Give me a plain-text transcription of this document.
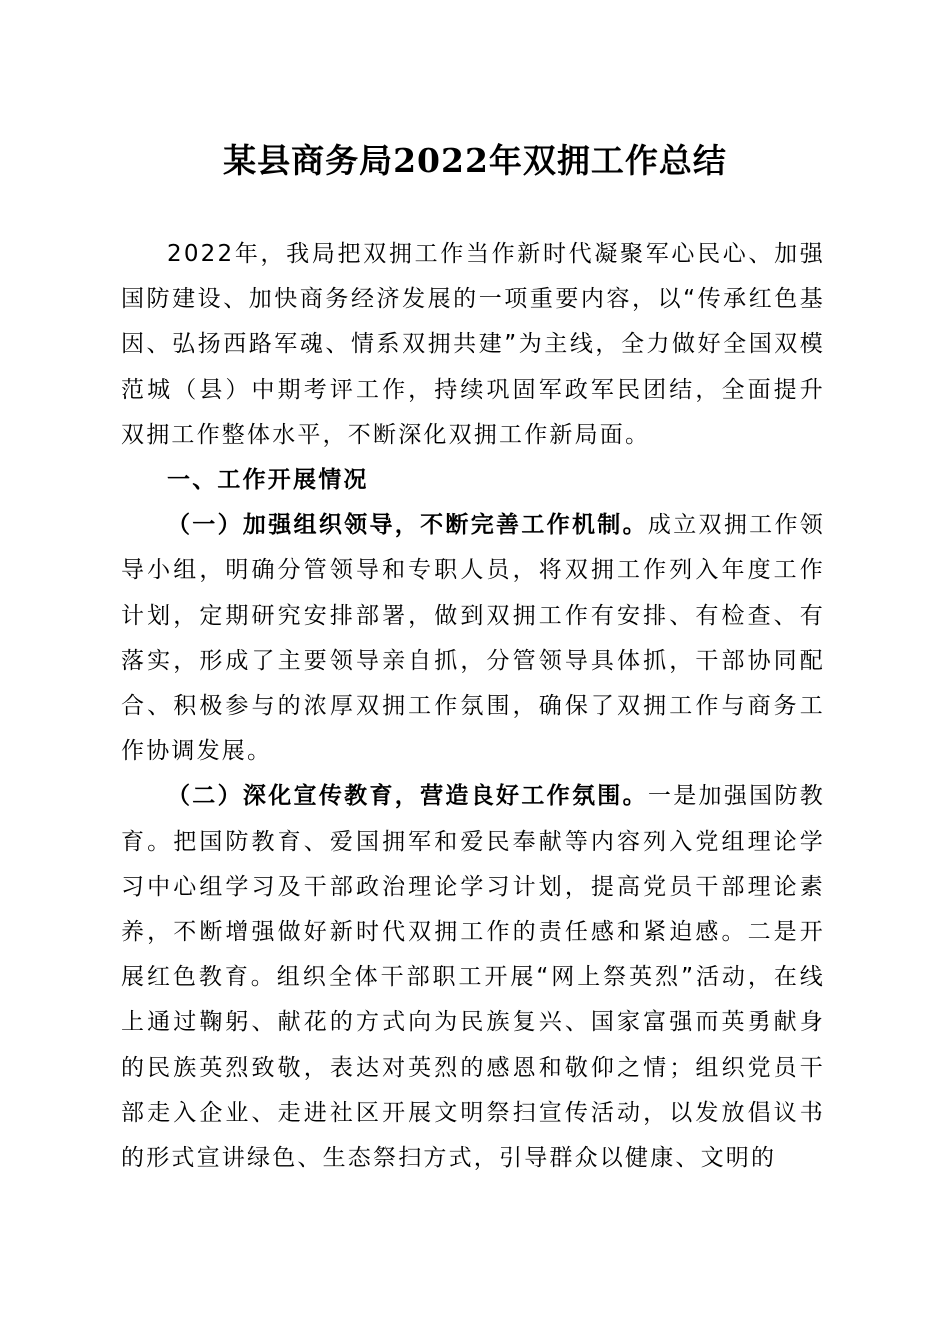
某县商务局2022年双拥工作总结

2022年，我局把双拥工作当作新时代凝聚军心民心、加强国防建设、加快商务经济发展的一项重要内容，以“传承红色基因、弘扬西路军魂、情系双拥共建”为主线，全力做好全国双模范城（县）中期考评工作，持续巩固军政军民团结，全面提升双拥工作整体水平，不断深化双拥工作新局面。

一、工作开展情况

（一）加强组织领导，不断完善工作机制。成立双拥工作领导小组，明确分管领导和专职人员，将双拥工作列入年度工作计划，定期研究安排部署，做到双拥工作有安排、有检查、有落实，形成了主要领导亲自抓，分管领导具体抓，干部协同配合、积极参与的浓厚双拥工作氛围，确保了双拥工作与商务工作协调发展。

（二）深化宣传教育，营造良好工作氛围。一是加强国防教育。把国防教育、爱国拥军和爱民奉献等内容列入党组理论学习中心组学习及干部政治理论学习计划，提高党员干部理论素养，不断增强做好新时代双拥工作的责任感和紧迫感。二是开展红色教育。组织全体干部职工开展“网上祭英烈”活动，在线上通过鞠躬、献花的方式向为民族复兴、国家富强而英勇献身的民族英烈致敬，表达对英烈的感恩和敬仰之情；组织党员干部走入企业、走进社区开展文明祭扫宣传活动，以发放倡议书的形式宣讲绿色、生态祭扫方式，引导群众以健康、文明的
